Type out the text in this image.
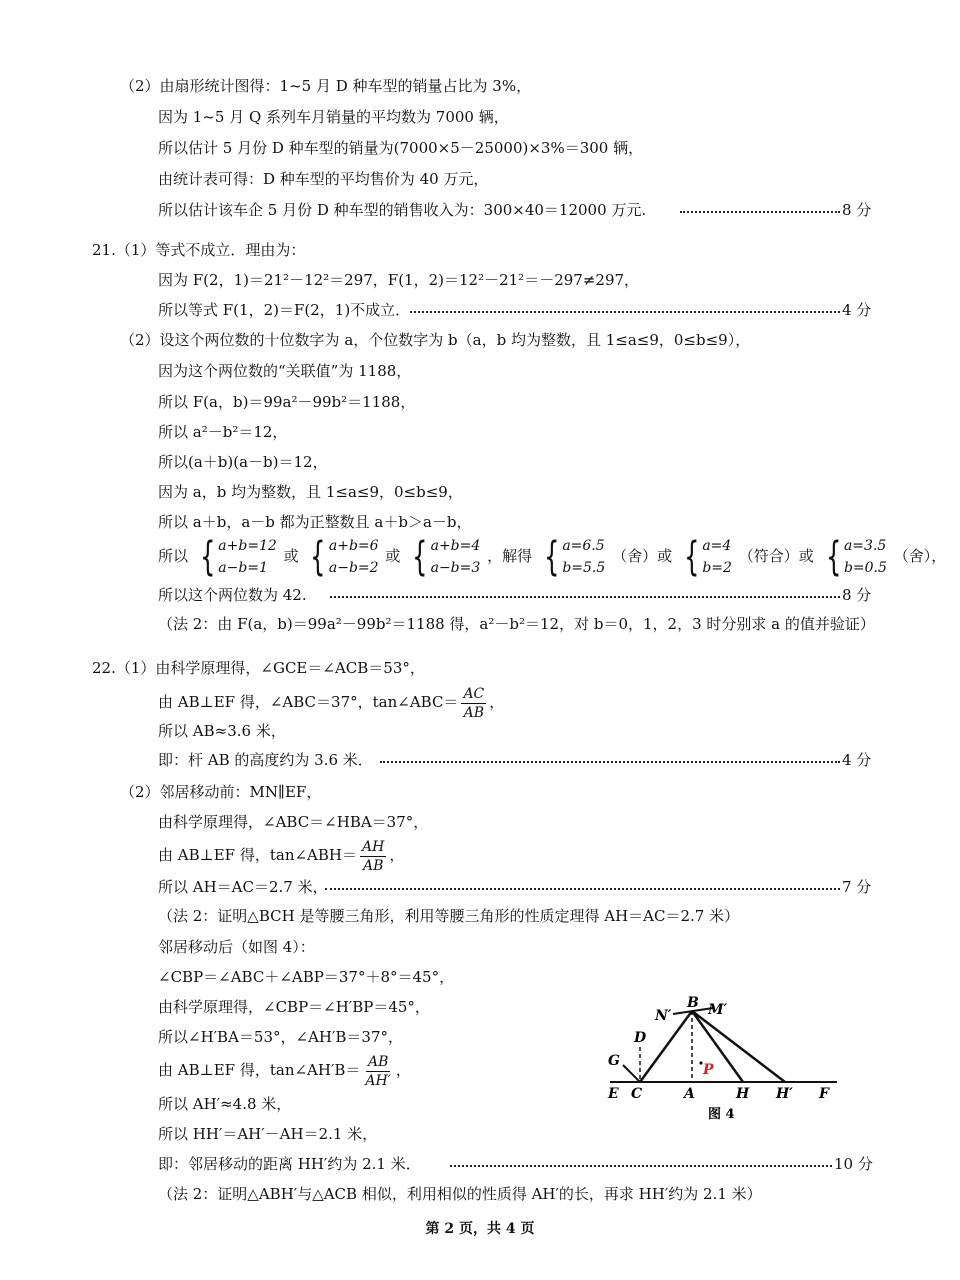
（2）由扇形统计图得：1~5 月 D 种车型的销量占比为 3%，
因为 1~5 月 Q 系列车月销量的平均数为 7000 辆，
所以估计 5 月份 D 种车型的销量为(7000×5－25000)×3%＝300 辆，
由统计表可得：D 种车型的平均售价为 40 万元，
所以估计该车企 5 月份 D 种车型的销售收入为：300×40＝12000 万元.	8 分
21.（1）等式不成立．理由为：
因为 F(2，1)＝21²－12²＝297，F(1，2)＝12²－21²＝－297≠297，
所以等式 F(1，2)＝F(2，1)不成立．	4 分
（2）设这个两位数的十位数字为 a，个位数字为 b（a，b 均为整数，且 1≤a≤9，0≤b≤9），
因为这个两位数的“关联值”为 1188，
所以 F(a，b)＝99a²－99b²＝1188，
所以 a²－b²＝12，
所以(a＋b)(a－b)＝12，
因为 a，b 均为整数，且 1≤a≤9，0≤b≤9，
所以 a＋b，a－b 都为正整数且 a＋b＞a－b，
所以 { a+b=12
a−b=1
或 { a+b=6
a−b=2
或 { a+b=4
a−b=3
，解得 { a=6.5
b=5.5
（舍）或 { a=4
b=2
（符合）或 { a=3.5
b=0.5
（舍），
所以这个两位数为 42.	8 分
（法 2：由 F(a，b)＝99a²－99b²＝1188 得，a²－b²＝12，对 b＝0，1，2，3 时分别求 a 的值并验证）
22.（1）由科学原理得，∠GCE＝∠ACB＝53°，
由 AB⊥EF 得，∠ABC＝37°，tan∠ABC＝ $\frac{AC}{AB}$ ，
所以 AB≈3.6 米，
即：杆 AB 的高度约为 3.6 米．	4 分
（2）邻居移动前：MN∥EF，
由科学原理得，∠ABC＝∠HBA＝37°，
由 AB⊥EF 得，tan∠ABH＝ $\frac{AH}{AB}$ ，
所以 AH＝AC＝2.7 米，	7 分
（法 2：证明△BCH 是等腰三角形，利用等腰三角形的性质定理得 AH＝AC＝2.7 米）
邻居移动后（如图 4）：
∠CBP＝∠ABC＋∠ABP＝37°＋8°＝45°，
由科学原理得，∠CBP＝∠H′BP＝45°，
所以∠H′BA＝53°，∠AH′B＝37°，
由 AB⊥EF 得，tan∠AH′B＝ $\frac{AB}{AH'}$ ，
所以 AH′≈4.8 米，
所以 HH′＝AH′－AH＝2.1 米，
即：邻居移动的距离 HH′约为 2.1 米．	10 分
（法 2：证明△ABH′与△ACB 相似，利用相似的性质得 AH′的长，再求 HH′约为 2.1 米）
N′
B M′
D
G
P
E C	A	H H′ F
图 4
第 2 页，共 4 页
